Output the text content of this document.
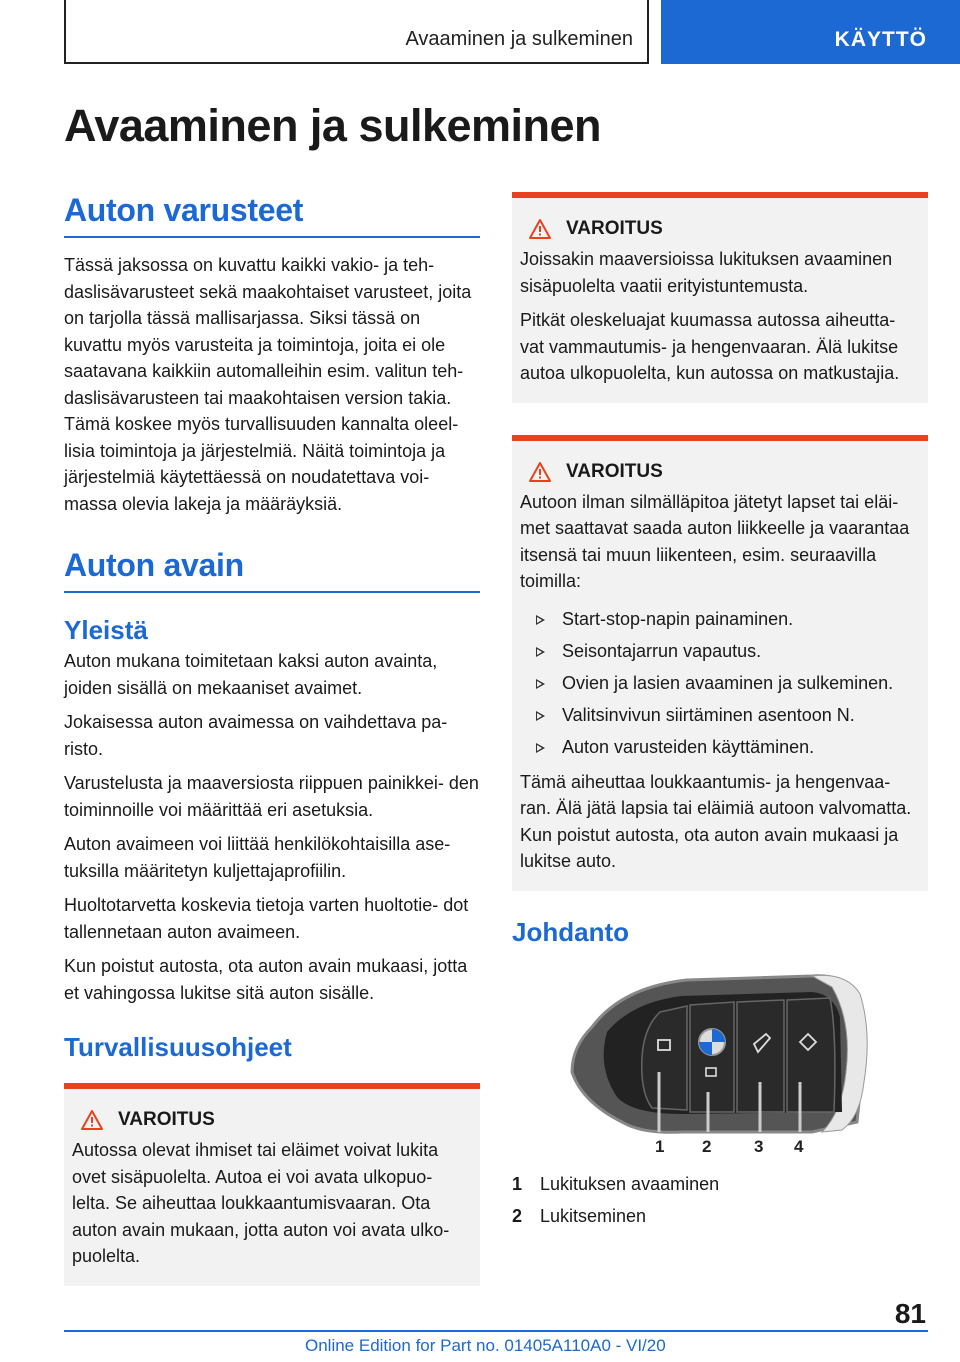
Avaaminen ja sulkeminen	KÄYTTÖ
Avaaminen ja sulkeminen
Auton varusteet

Tässä jaksossa on kuvattu kaikki vakio- ja teh- daslisävarusteet sekä maakohtaiset varusteet, joita on tarjolla tässä mallisarjassa. Siksi tässä on kuvattu myös varusteita ja toimintoja, joita ei ole saatavana kaikkiin automalleihin esim. valitun teh- daslisävarusteen tai maakohtaisen version takia. Tämä koskee myös turvallisuuden kannalta oleel- lisia toimintoja ja järjestelmiä. Näitä toimintoja ja järjestelmiä käytettäessä on noudatettava voi- massa olevia lakeja ja määräyksiä.

Auton avain
Yleistä

Auton mukana toimitetaan kaksi auton avainta, joiden sisällä on mekaaniset avaimet.

Jokaisessa auton avaimessa on vaihdettava pa- risto.

Varustelusta ja maaversiosta riippuen painikkei- den toiminnoille voi määrittää eri asetuksia.

Auton avaimeen voi liittää henkilökohtaisilla ase- tuksilla määritetyn kuljettajaprofiilin.

Huoltotarvetta koskevia tietoja varten huoltotie- dot tallennetaan auton avaimeen.

Kun poistut autosta, ota auton avain mukaasi, jotta et vahingossa lukitse sitä auton sisälle.

Turvallisuusohjeet
VAROITUS

Autossa olevat ihmiset tai eläimet voivat lukita ovet sisäpuolelta. Autoa ei voi avata ulkopuo- lelta. Se aiheuttaa loukkaantumisvaaran. Ota auton avain mukaan, jotta auton voi avata ulko- puolelta.

VAROITUS

Joissakin maaversioissa lukituksen avaaminen sisäpuolelta vaatii erityistuntemusta.

Pitkät oleskeluajat kuumassa autossa aiheutta- vat vammautumis- ja hengenvaaran. Älä lukitse autoa ulkopuolelta, kun autossa on matkustajia.

VAROITUS

Autoon ilman silmälläpitoa jätetyt lapset tai eläi- met saattavat saada auton liikkeelle ja vaarantaa itsensä tai muun liikenteen, esim. seuraavilla toimilla:

Start-stop-napin painaminen.
Seisontajarrun vapautus.
Ovien ja lasien avaaminen ja sulkeminen.
Valitsinvivun siirtäminen asentoon N.
Auton varusteiden käyttäminen.

Tämä aiheuttaa loukkaantumis- ja hengenvaa- ran. Älä jätä lapsia tai eläimiä autoon valvomatta. Kun poistut autosta, ota auton avain mukaasi ja lukitse auto.

Johdanto
1 2	3 4
1 Lukituksen avaaminen
2 Lukitseminen
81
Online Edition for Part no. 01405A110A0 - VI/20
